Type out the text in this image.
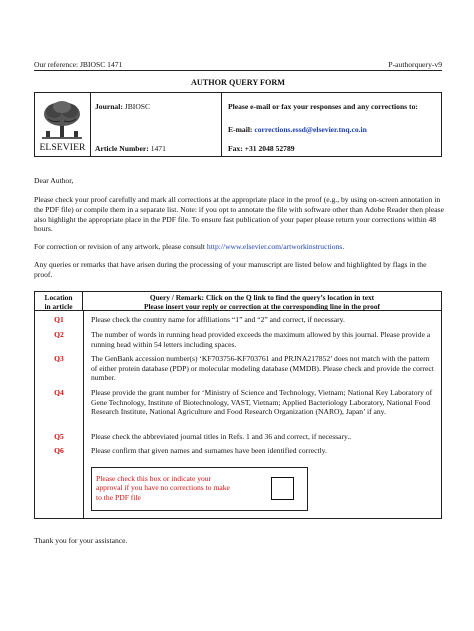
Our reference: JBIOSC 1471	P-authorquery-v9
AUTHOR QUERY FORM
ELSEVIER
Journal: JBIOSC
Article Number: 1471
Please e-mail or fax your responses and any corrections to:
E-mail: corrections.essd@elsevier.tnq.co.in
Fax: +31 2048 52789
Dear Author,
Please check your proof carefully and mark all corrections at the appropriate place in the proof (e.g., by using on-screen annotation in the PDF file) or compile them in a separate list. Note: if you opt to annotate the file with software other than Adobe Reader then please also highlight the appropriate place in the PDF file. To ensure fast publication of your paper please return your corrections within 48 hours.
For correction or revision of any artwork, please consult http://www.elsevier.com/artworkinstructions.
Any queries or remarks that have arisen during the processing of your manuscript are listed below and highlighted by flags in the proof.
Location
in article
Query / Remark: Click on the Q link to find the query’s location in text
Please insert your reply or correction at the corresponding line in the proof
Q1	Please check the country name for affiliations “1” and “2” and correct, if necessary.
Q2	The number of words in running head provided exceeds the maximum allowed by this journal. Please provide a running head within 54 letters including spaces.
Q3	The GenBank accession number(s) ‘KF703756-KF703761 and PRJNA217852’ does not match with the pattern of either protein database (PDP) or molecular modeling database (MMDB). Please check and provide the correct number.
Q4	Please provide the grant number for ‘Ministry of Science and Technology, Vietnam; National Key Laboratory of Gene Technology, Institute of Biotechnology, VAST, Vietnam; Applied Bacteriology Laboratory, National Food Research Institute, National Agriculture and Food Research Organization (NARO), Japan’ if any.
Q5	Please check the abbreviated journal titles in Refs. 1 and 36 and correct, if necessary..
Q6	Please confirm that given names and surnames have been identified correctly.
Please check this box or indicate your approval if you have no corrections to make to the PDF file
Thank you for your assistance.
